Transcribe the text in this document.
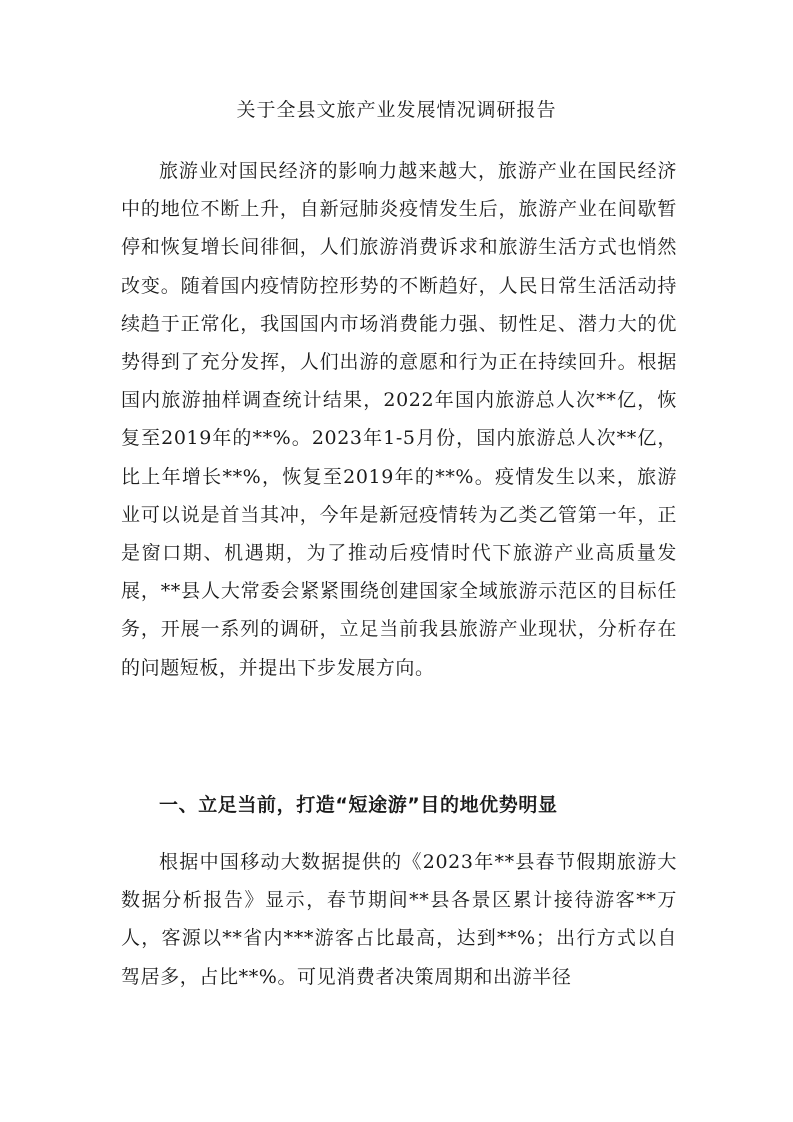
关于全县文旅产业发展情况调研报告

旅游业对国民经济的影响力越来越大，旅游产业在国民经济中的地位不断上升，自新冠肺炎疫情发生后，旅游产业在间歇暂停和恢复增长间徘徊，人们旅游消费诉求和旅游生活方式也悄然改变。随着国内疫情防控形势的不断趋好，人民日常生活活动持续趋于正常化，我国国内市场消费能力强、韧性足、潜力大的优势得到了充分发挥，人们出游的意愿和行为正在持续回升。根据国内旅游抽样调查统计结果，2022年国内旅游总人次**亿，恢复至2019年的**%。2023年1-5月份，国内旅游总人次**亿，比上年增长**%，恢复至2019年的**%。疫情发生以来，旅游业可以说是首当其冲，今年是新冠疫情转为乙类乙管第一年，正是窗口期、机遇期，为了推动后疫情时代下旅游产业高质量发展，**县人大常委会紧紧围绕创建国家全域旅游示范区的目标任务，开展一系列的调研，立足当前我县旅游产业现状，分析存在的问题短板，并提出下步发展方向。

一、立足当前，打造“短途游”目的地优势明显

根据中国移动大数据提供的《2023年**县春节假期旅游大数据分析报告》显示，春节期间**县各景区累计接待游客**万人，客源以**省内***游客占比最高，达到**%；出行方式以自驾居多，占比**%。可见消费者决策周期和出游半径
